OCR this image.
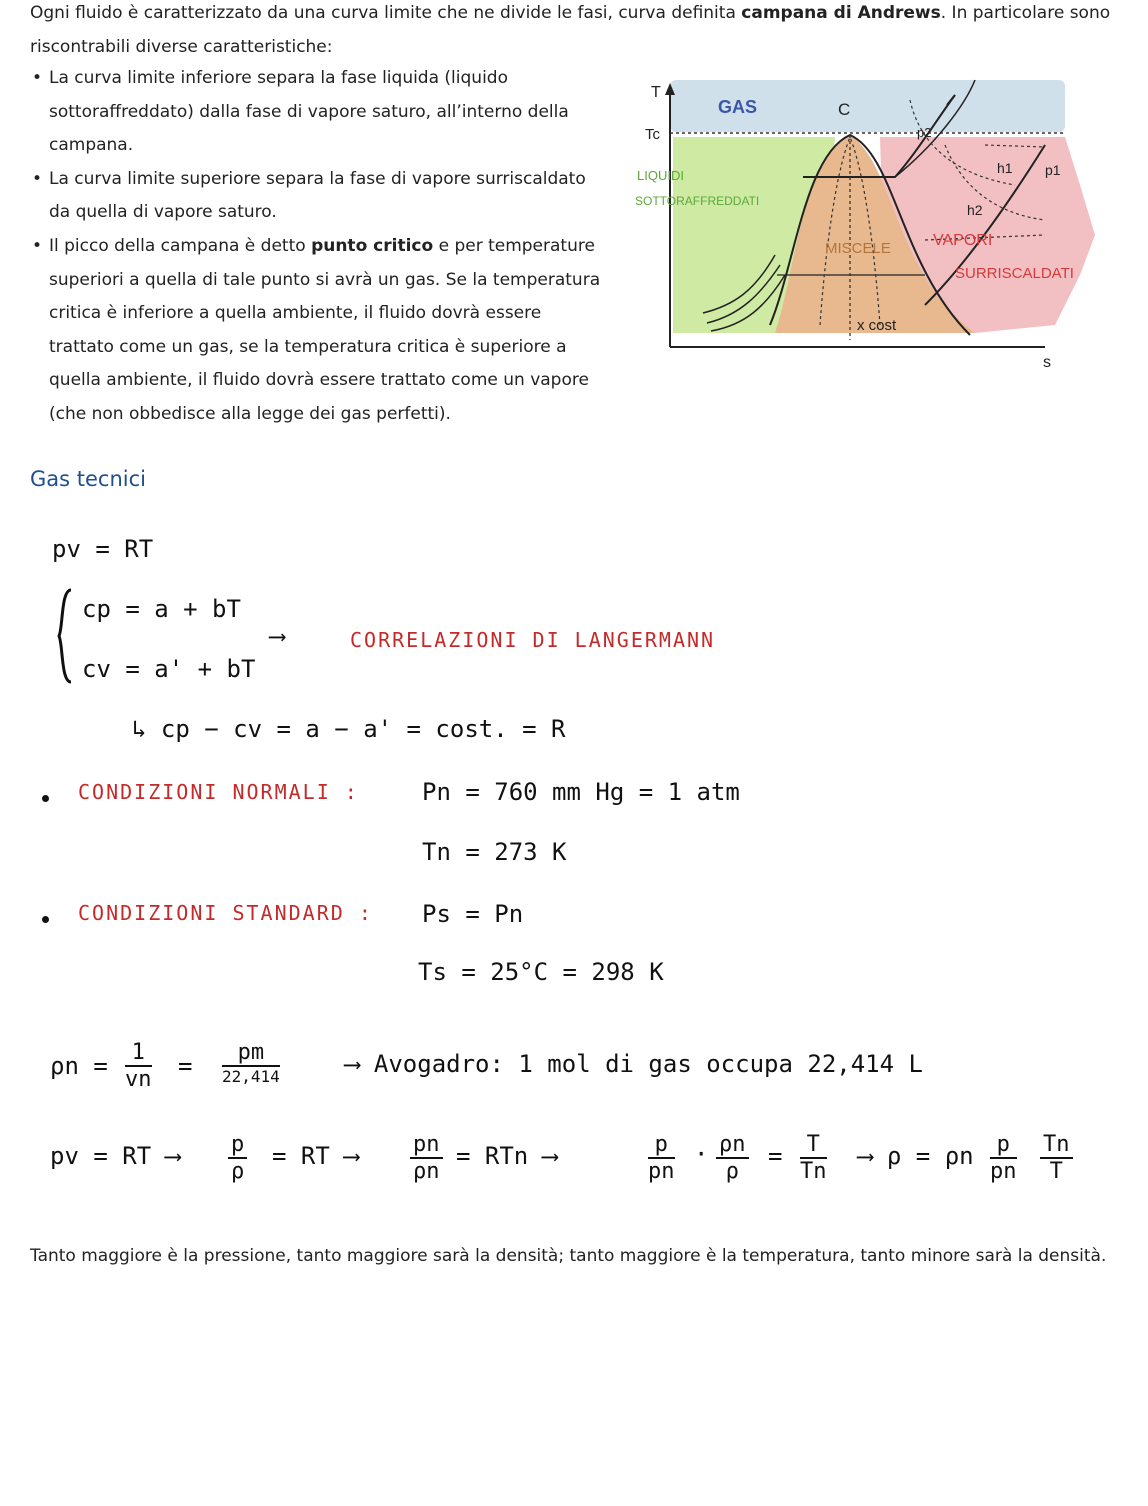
Ogni fluido è caratterizzato da una curva limite che ne divide le fasi, curva definita campana di Andrews. In particolare sono riscontrabili diverse caratteristiche:
• La curva limite inferiore separa la fase liquida (liquido sottoraffreddato) dalla fase di vapore saturo, all’interno della campana.
• La curva limite superiore separa la fase di vapore surriscaldato da quella di vapore saturo.
• Il picco della campana è detto punto critico e per temperature superiori a quella di tale punto si avrà un gas. Se la temperatura critica è inferiore a quella ambiente, il fluido dovrà essere trattato come un gas, se la temperatura critica è superiore a quella ambiente, il fluido dovrà essere trattato come un vapore (che non obbedisce alla legge dei gas perfetti).
T
Tc
GAS	C
LIQUIDI
SOTTORAFFREDDATI
MISCELE	VAPORI
SURRISCALDATI
x cost
p1
p2
h1
h2
s
Gas tecnici
pv = RT
cp = a + bT
cv = a' + bT
⟶	CORRELAZIONI DI LANGERMANN
↳ cp − cv = a − a' = cost. = R
CONDIZIONI NORMALI :	Pn = 760 mm Hg = 1 atm
Tn = 273 K
CONDIZIONI STANDARD : Ps = Pn
Ts = 25°C = 298 K
$\rho n = \frac{1}{vn}$ =	pm
22,414	⟶ Avogadro: 1 mol di gas occupa 22,414 L
pv = RT ⟶ $\frac{p}{\rho}$ = RT ⟶ $\frac{pn}{\rho n}$ = RTn ⟶	$\frac{p}{pn} \cdot \frac{\rho n}{\rho} = \frac{T}{Tn}$ ⟶ ρ = ρn $\frac{p}{pn} \frac{Tn}{T}$
Tanto maggiore è la pressione, tanto maggiore sarà la densità; tanto maggiore è la temperatura, tanto minore sarà la densità.
